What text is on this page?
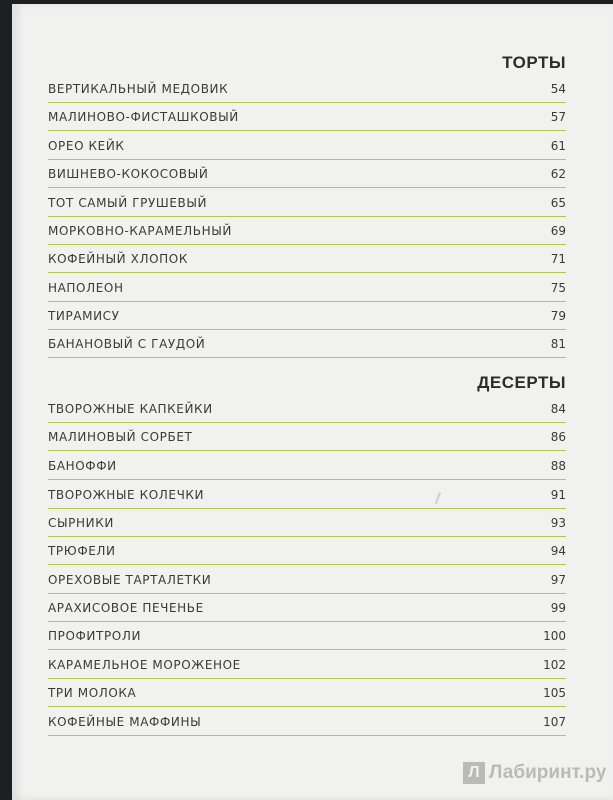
ТОРТЫ
ВЕРТИКАЛЬНЫЙ МЕДОВИК	54
МАЛИНОВО-ФИСТАШКОВЫЙ	57
ОРЕО КЕЙК	61
ВИШНЕВО-КОКОСОВЫЙ	62
ТОТ САМЫЙ ГРУШЕВЫЙ	65
МОРКОВНО-КАРАМЕЛЬНЫЙ	69
КОФЕЙНЫЙ ХЛОПОК	71
НАПОЛЕОН	75
ТИРАМИСУ	79
БАНАНОВЫЙ С ГАУДОЙ	81
ДЕСЕРТЫ
ТВОРОЖНЫЕ КАПКЕЙКИ	84
МАЛИНОВЫЙ СОРБЕТ	86
БАНОФФИ	88
ТВОРОЖНЫЕ КОЛЕЧКИ	91
СЫРНИКИ	93
ТРЮФЕЛИ	94
ОРЕХОВЫЕ ТАРТАЛЕТКИ	97
АРАХИСОВОЕ ПЕЧЕНЬЕ	99
ПРОФИТРОЛИ	100
КАРАМЕЛЬНОЕ МОРОЖЕНОЕ	102
ТРИ МОЛОКА	105
КОФЕЙНЫЕ МАФФИНЫ	107
Л Лабиринт.ру
